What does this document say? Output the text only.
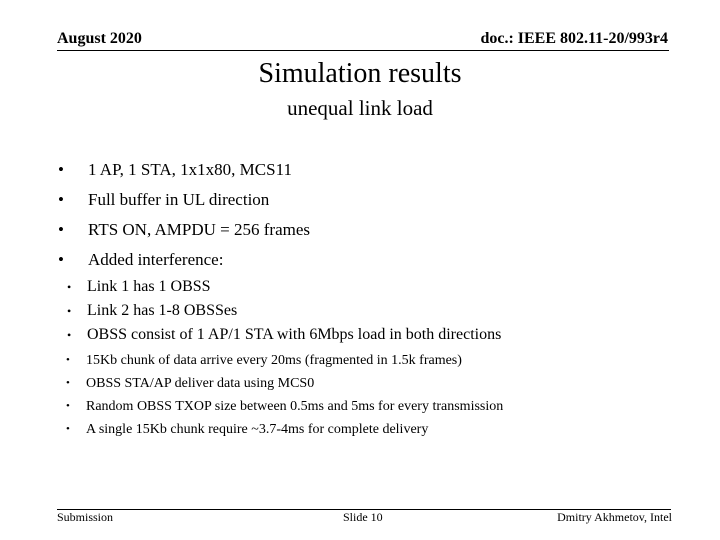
August 2020	doc.: IEEE 802.11-20/993r4
Simulation results
unequal link load
• 1 AP, 1 STA, 1x1x80, MCS11
• Full buffer in UL direction
• RTS ON, AMPDU = 256 frames
• Added interference:
• Link 1 has 1 OBSS
• Link 2 has 1-8 OBSSes
• OBSS consist of 1 AP/1 STA with 6Mbps load in both directions
• 15Kb chunk of data arrive every 20ms (fragmented in 1.5k frames)
• OBSS STA/AP deliver data using MCS0
• Random OBSS TXOP size between 0.5ms and 5ms for every transmission
• A single 15Kb chunk require ~3.7-4ms for complete delivery
Submission	Slide 10	Dmitry Akhmetov, Intel
